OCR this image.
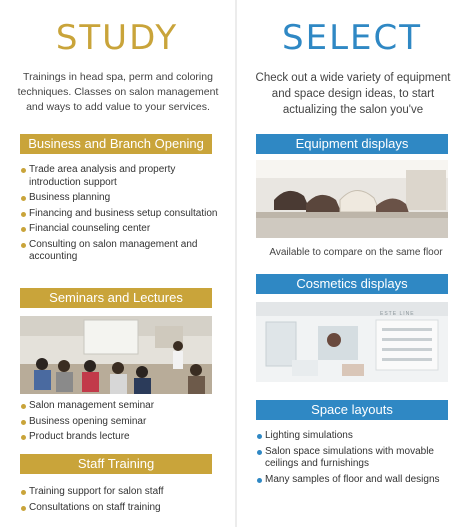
STUDY

Trainings in head spa, perm and coloring techniques. Classes on salon management and ways to add value to your services.

Business and Branch Opening
Trade area analysis and property introduction support
Business planning
Financing and business setup consultation
Financial counseling center
Consulting on salon management and accounting
Seminars and Lectures
Salon management seminar
Business opening seminar
Product brands lecture
Staff Training
Training support for salon staff
Consultations on staff training
SELECT

Check out a wide variety of equipment and space design ideas, to start actualizing the salon you've

Equipment displays
Available to compare on the same floor
Cosmetics displays
ESTE LINE
Space layouts
Lighting simulations
Salon space simulations with movable ceilings and furnishings
Many samples of floor and wall designs
